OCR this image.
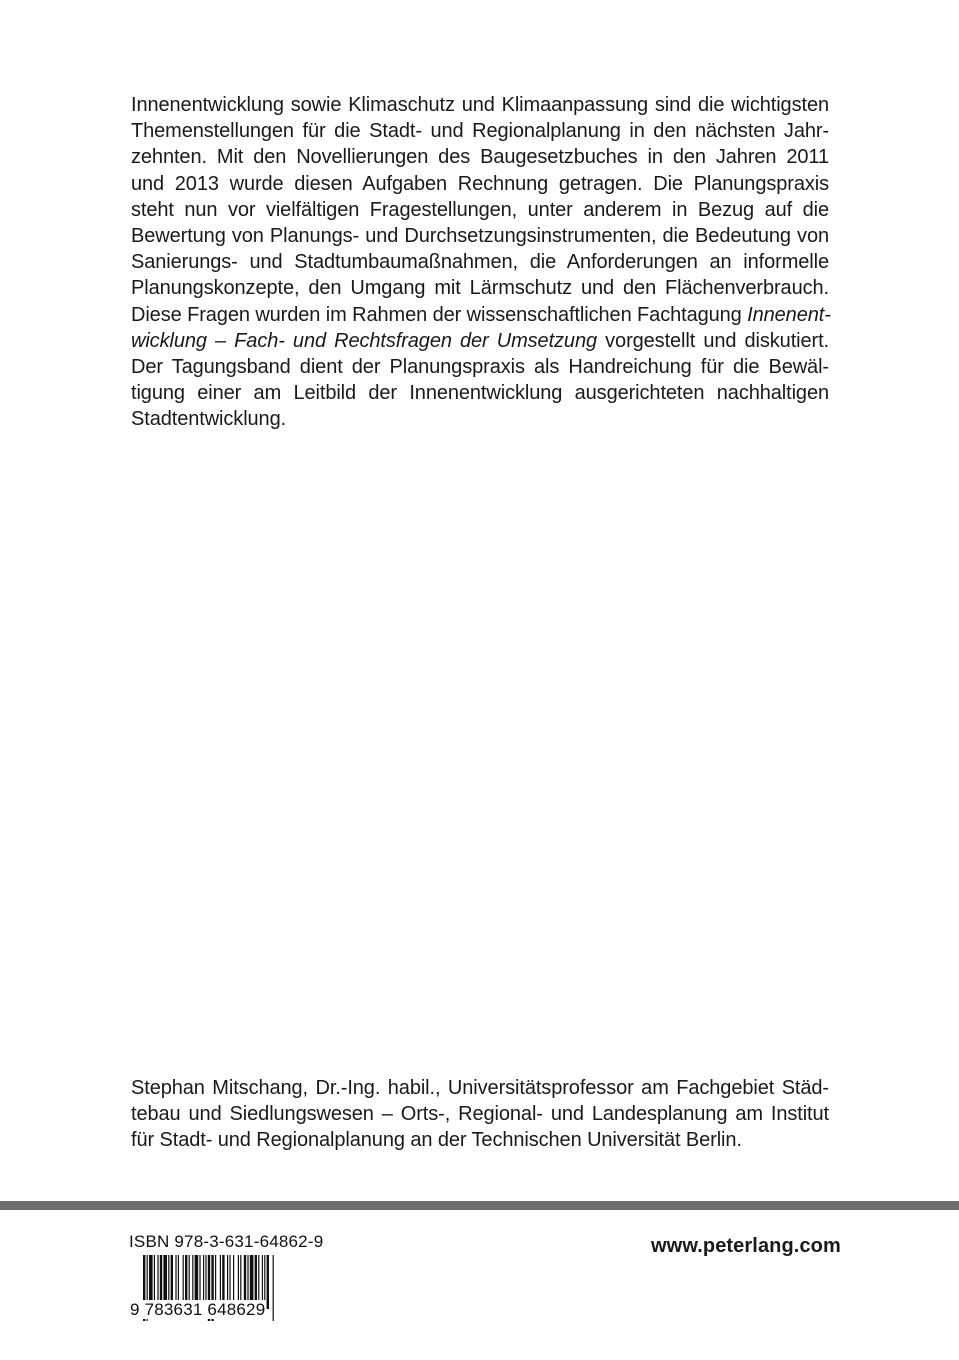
Innenentwicklung sowie Klimaschutz und Klimaanpassung sind die wichtigsten
Themenstellungen für die Stadt- und Regionalplanung in den nächsten Jahr-
zehnten. Mit den Novellierungen des Baugesetzbuches in den Jahren 2011
und 2013 wurde diesen Aufgaben Rechnung getragen. Die Planungspraxis
steht nun vor vielfältigen Fragestellungen, unter anderem in Bezug auf die
Bewertung von Planungs- und Durchsetzungsinstrumenten, die Bedeutung von
Sanierungs- und Stadtumbaumaßnahmen, die Anforderungen an informelle
Planungskonzepte, den Umgang mit Lärmschutz und den Flächenverbrauch.
Diese Fragen wurden im Rahmen der wissenschaftlichen Fachtagung Innenent-
wicklung – Fach- und Rechtsfragen der Umsetzung vorgestellt und diskutiert.
Der Tagungsband dient der Planungspraxis als Handreichung für die Bewäl-
tigung einer am Leitbild der Innenentwicklung ausgerichteten nachhaltigen
Stadtentwicklung.

Stephan Mitschang, Dr.-Ing. habil., Universitätsprofessor am Fachgebiet Städ-
tebau und Siedlungswesen – Orts-, Regional- und Landesplanung am Institut
für Stadt- und Regionalplanung an der Technischen Universität Berlin.

ISBN 978-3-631-64862-9
9 783631 648629
www.peterlang.com
